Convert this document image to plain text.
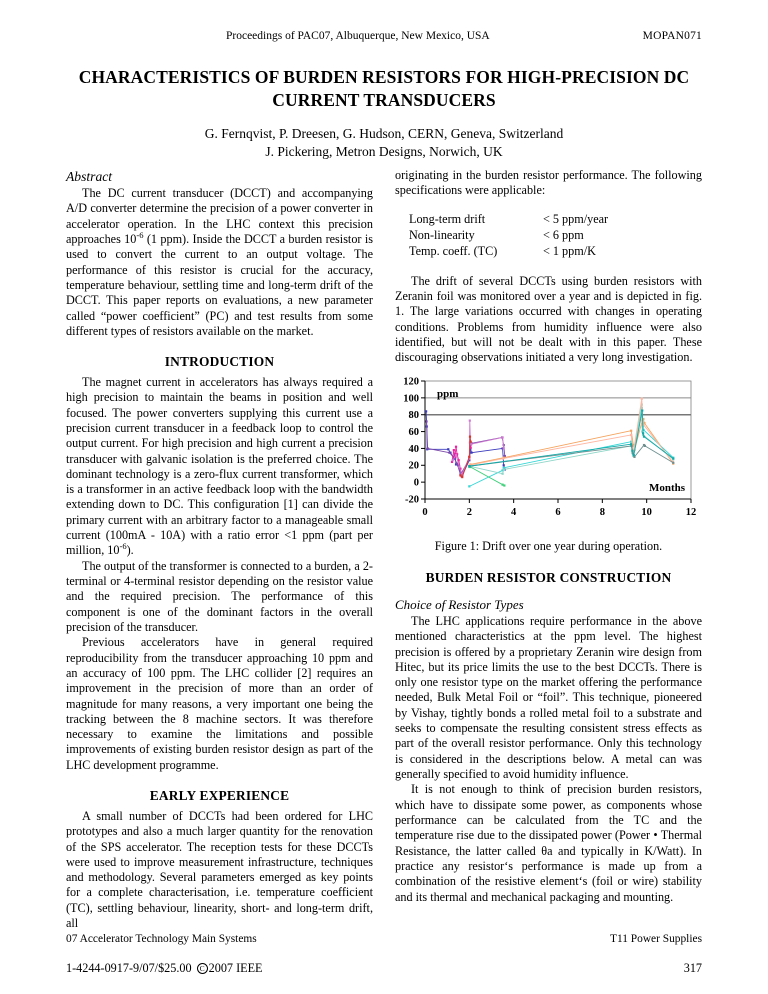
Proceedings of PAC07, Albuquerque, New Mexico, USA	MOPAN071
CHARACTERISTICS OF BURDEN RESISTORS FOR HIGH-PRECISION DC CURRENT TRANSDUCERS
G. Fernqvist, P. Dreesen, G. Hudson, CERN, Geneva, Switzerland
J. Pickering, Metron Designs, Norwich, UK
Abstract

The DC current transducer (DCCT) and accompanying A/D converter determine the precision of a power converter in accelerator operation. In the LHC context this precision approaches $10^{-6}$ (1 ppm). Inside the DCCT a burden resistor is used to convert the current to an output voltage. The performance of this resistor is crucial for the accuracy, temperature behaviour, settling time and long-term drift of the DCCT. This paper reports on evaluations, a new parameter called “power coefficient” (PC) and test results from some different types of resistors available on the market.

INTRODUCTION

The magnet current in accelerators has always required a high precision to maintain the beams in position and well focused. The power converters supplying this current use a precision current transducer in a feedback loop to control the output current. For high precision and high current a precision transducer with galvanic isolation is the preferred choice. The dominant technology is a zero-flux current transformer, which is a transformer in an active feedback loop with the bandwidth extending down to DC. This configuration [1] can divide the primary current with an arbitrary factor to a manageable small current (100mA - 10A) with a ratio error <1 ppm (part per million, $10^{-6}$).

The output of the transformer is connected to a burden, a 2-terminal or 4-terminal resistor depending on the resistor value and the required precision. The performance of this component is one of the dominant factors in the overall precision of the transducer.

Previous accelerators have in general required reproducibility from the transducer approaching 10 ppm and an accuracy of 100 ppm. The LHC collider [2] requires an improvement in the precision of more than an order of magnitude for many reasons, a very important one being the tracking between the 8 machine sectors. It was therefore necessary to examine the limitations and possible improvements of existing burden resistor design as part of the LHC development programme.

EARLY EXPERIENCE

A small number of DCCTs had been ordered for LHC prototypes and also a much larger quantity for the renovation of the SPS accelerator. The reception tests for these DCCTs were used to improve measurement infrastructure, techniques and methodology. Several parameters emerged as key points for a complete characterisation, i.e. temperature coefficient (TC), settling behaviour, linearity, short- and long-term drift, all

originating in the burden resistor performance. The following specifications were applicable:

Long-term drift	< 5 ppm/year
Non-linearity	< 6 ppm
Temp. coeff. (TC)	< 1 ppm/K

The drift of several DCCTs using burden resistors with Zeranin foil was monitored over a year and is depicted in fig. 1. The large variations occurred with changes in operating conditions. Problems from humidity influence were also identified, but will not be dealt with in this paper. These discouraging observations initiated a very long investigation.

-20
0
20
40
60
80
100
120
0	2	4	6	8	10	12
ppm
Months
Figure 1: Drift over one year during operation.
BURDEN RESISTOR CONSTRUCTION
Choice of Resistor Types

The LHC applications require performance in the above mentioned characteristics at the ppm level. The highest precision is offered by a proprietary Zeranin wire design from Hitec, but its price limits the use to the best DCCTs. There is only one resistor type on the market offering the performance needed, Bulk Metal Foil or “foil”. This technique, pioneered by Vishay, tightly bonds a rolled metal foil to a substrate and seeks to compensate the resulting consistent stress effects as part of the overall resistor performance. Only this technology is considered in the descriptions below. A metal can was generally specified to avoid humidity influence.

It is not enough to think of precision burden resistors, which have to dissipate some power, as components whose performance can be calculated from the TC and the temperature rise due to the dissipated power (Power • Thermal Resistance, the latter called θa and typically in K/Watt). In practice any resistor‘s performance is made up from a combination of the resistive element‘s (foil or wire) stability and its thermal and mechanical packaging and mounting.

07 Accelerator Technology Main Systems	T11 Power Supplies
1-4244-0917-9/07/$25.00 C 2007 IEEE	317
